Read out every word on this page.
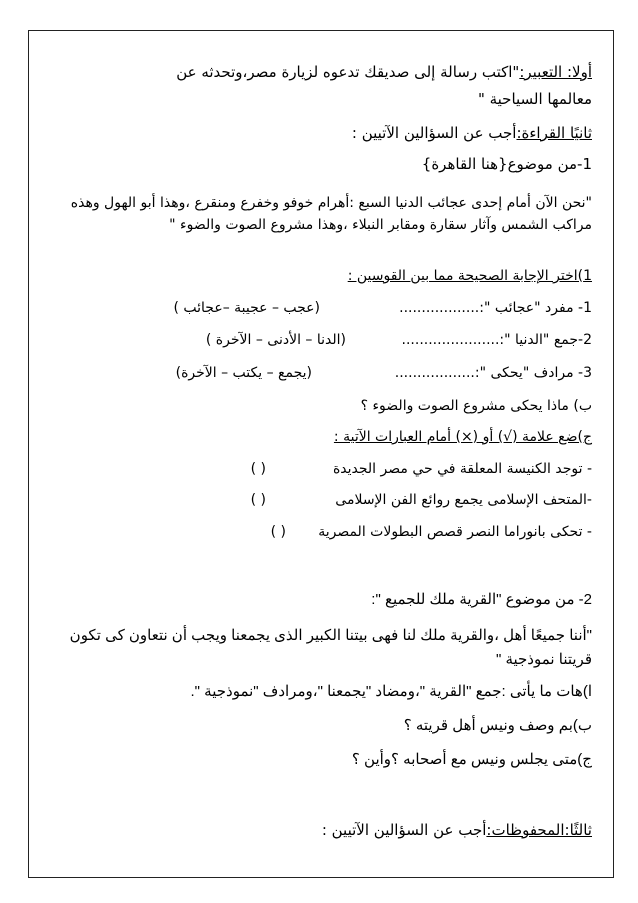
أولا: التعبير:"اكتب رسالة إلى صديقك تدعوه لزيارة مصر،وتحدثه عن
معالمها السياحية "
ثانيًا القراءة:أجب عن السؤالين الآتيين :
1-من موضوع{هنا القاهرة}
"نحن الآن أمام إحدى عجائب الدنيا السبع :أهرام خوفو وخفرع ومنقرع ،وهذا أبو الهول وهذه مراكب الشمس وآثار سقارة ومقابر النبلاء ،وهذا مشروع الصوت والضوء "
1)اختر الإجابة الصحيحة مما بين القوسين :
1- مفرد "عجائب ":..................
(عجب – عجيبة –عجائب )
2-جمع "الدنيا ":......................
(الدنا – الأدنى – الآخرة )
3- مرادف "يحكى ":..................
(يجمع – يكتب – الآخرة)
ب) ماذا يحكى مشروع الصوت والضوء ؟
ج)ضع علامة (√) أو (×) أمام العبارات الآتية :
- توجد الكنيسة المعلقة في حي مصر الجديدة
( )
-المتحف الإسلامى يجمع روائع الفن الإسلامى
( )
- تحكى بانوراما النصر قصص البطولات المصرية
( )
2- من موضوع "القرية ملك للجميع ":
"أننا جميعًا أهل ،والقرية ملك لنا فهى بيتنا الكبير الذى يجمعنا ويجب أن نتعاون كى تكون قريتنا نموذجية "
ا)هات ما يأتى :جمع "القرية "،ومضاد "يجمعنا "،ومرادف "نموذجية ".
ب)بم وصف ونيس أهل قريته ؟
ج)متى يجلس ونيس مع أصحابه ؟وأين ؟
ثالثًا:المحفوظات:أجب عن السؤالين الآتيين :
